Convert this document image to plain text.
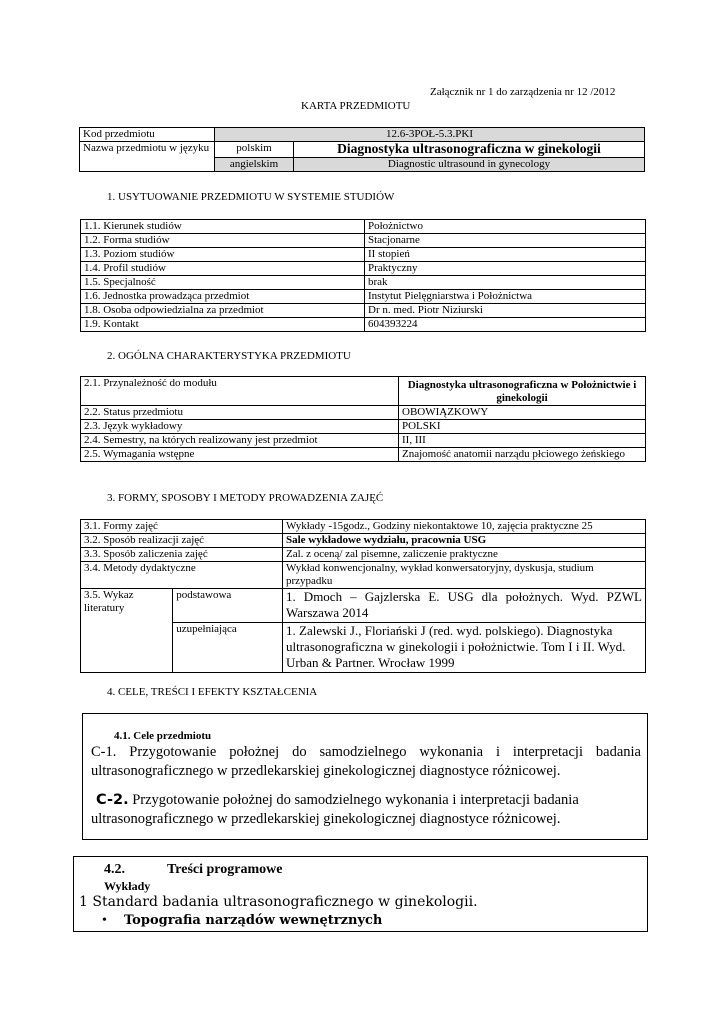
Załącznik nr 1 do zarządzenia nr 12 /2012
KARTA PRZEDMIOTU
Kod przedmiotu	12.6-3POŁ-5.3.PKI	
Nazwa przedmiotu w języku	polskim	Diagnostyka ultrasonograficzna w ginekologii
	angielskim	Diagnostic ultrasound in gynecology
1. USYTUOWANIE PRZEDMIOTU W SYSTEMIE STUDIÓW
1.1. Kierunek studiów	Położnictwo
1.2. Forma studiów	Stacjonarne
1.3. Poziom studiów	II stopień
1.4. Profil studiów	Praktyczny
1.5. Specjalność	brak
1.6. Jednostka prowadząca przedmiot	Instytut Pielęgniarstwa i Położnictwa
1.8. Osoba odpowiedzialna za przedmiot	Dr n. med. Piotr Niziurski
1.9. Kontakt	604393224
2. OGÓLNA CHARAKTERYSTYKA PRZEDMIOTU
2.1. Przynależność do modułu	Diagnostyka ultrasonograficzna w Położnictwie i ginekologii
2.2. Status przedmiotu	OBOWIĄZKOWY
2.3. Język wykładowy	POLSKI
2.4. Semestry, na których realizowany jest przedmiot	II, III
2.5. Wymagania wstępne	Znajomość anatomii narządu płciowego żeńskiego
3. FORMY, SPOSOBY I METODY PROWADZENIA ZAJĘĆ
3.1. Formy zajęć		Wykłady -15godz., Godziny niekontaktowe 10, zajęcia praktyczne 25
3.2. Sposób realizacji zajęć		Sale wykładowe wydziału, pracownia USG
3.3. Sposób zaliczenia zajęć		Zal. z oceną/ zal pisemne, zaliczenie praktyczne
3.4. Metody dydaktyczne		Wykład konwencjonalny, wykład konwersatoryjny, dyskusja, studium przypadku
3.5. Wykaz
literatury	podstawowa	1. Dmoch – Gajzlerska E. USG dla położnych. Wyd. PZWL Warszawa 2014
	uzupełniająca	1. Zalewski J., Floriański J (red. wyd. polskiego). Diagnostyka ultrasonograficzna w ginekologii i położnictwie. Tom I i II. Wyd. Urban & Partner. Wrocław 1999
4. CELE, TREŚCI I EFEKTY KSZTAŁCENIA
4.1. Cele przedmiotu
C-1. Przygotowanie położnej do samodzielnego wykonania i interpretacji badania ultrasonograficznego w przedlekarskiej ginekologicznej diagnostyce różnicowej.
C-2. Przygotowanie położnej do samodzielnego wykonania i interpretacji badania ultrasonograficznego w przedlekarskiej ginekologicznej diagnostyce różnicowej.
4.2.	Treści programowe
Wykłady
1 Standard badania ultrasonograficznego w ginekologii.
• Topografia narządów wewnętrznych
